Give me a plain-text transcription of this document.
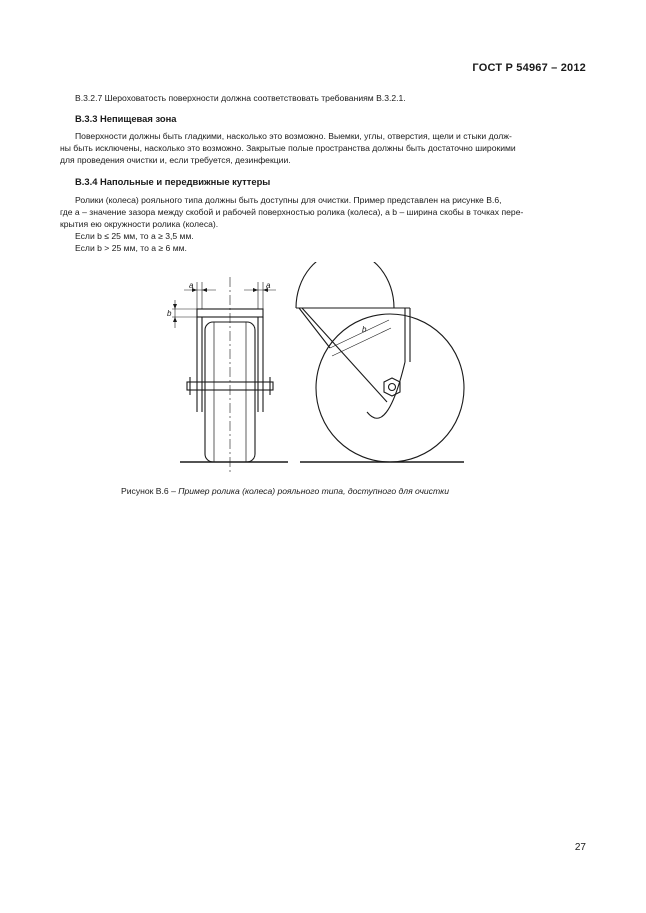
ГОСТ Р 54967 – 2012

В.3.2.7 Шероховатость поверхности должна соответствовать требованиям В.3.2.1.

В.3.3 Непищевая зона

Поверхности должны быть гладкими, насколько это возможно. Выемки, углы, отверстия, щели и стыки долж-
ны быть исключены, насколько это возможно. Закрытые полые пространства должны быть достаточно широкими
для проведения очистки и, если требуется, дезинфекции.

В.3.4 Напольные и передвижные куттеры

Ролики (колеса) рояльного типа должны быть доступны для очистки. Пример представлен на рисунке В.6,
где а – значение зазора между скобой и рабочей поверхностью ролика (колеса), а b – ширина скобы в точках пере-
крытия ею окружности ролика (колеса).
Если b ≤ 25 мм, то а ≥ 3,5 мм.
Если b > 25 мм, то а ≥ 6 мм.
a	a
b
b
Рисунок В.6 – Пример ролика (колеса) рояльного типа, доступного для очистки
27
